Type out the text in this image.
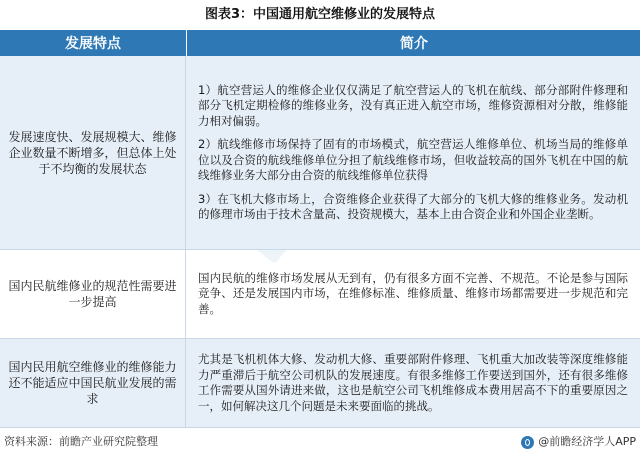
图表3：中国通用航空维修业的发展特点
发展特点	简介
发展速度快、发展规模大、维修企业数量不断增多，但总体上处于不均衡的发展状态
1）航空营运人的维修企业仅仅满足了航空营运人的飞机在航线、部分部附件修理和部分飞机定期检修的维修业务，没有真正进入航空市场，维修资源相对分散，维修能力相对偏弱。
2）航线维修市场保持了固有的市场模式，航空营运人维修单位、机场当局的维修单位以及合资的航线维修单位分担了航线维修市场，但收益较高的国外飞机在中国的航线维修业务大部分由合资的航线维修单位获得
3）在飞机大修市场上，合资维修企业获得了大部分的飞机大修的维修业务。发动机的修理市场由于技术含量高、投资规模大，基本上由合资企业和外国企业垄断。
国内民航维修业的规范性需要进一步提高
国内民航的维修市场发展从无到有，仍有很多方面不完善、不规范。不论是参与国际竞争、还是发展国内市场，在维修标准、维修质量、维修市场都需要进一步规范和完善。
国内民用航空维修业的维修能力还不能适应中国民航业发展的需求
尤其是飞机机体大修、发动机大修、重要部附件修理、飞机重大加改装等深度维修能力严重滞后于航空公司机队的发展速度。有很多维修工作要送到国外，还有很多维修工作需要从国外请进来做，这也是航空公司飞机维修成本费用居高不下的重要原因之一，如何解决这几个问题是未来要面临的挑战。
资料来源：前瞻产业研究院整理	@前瞻经济学人APP
